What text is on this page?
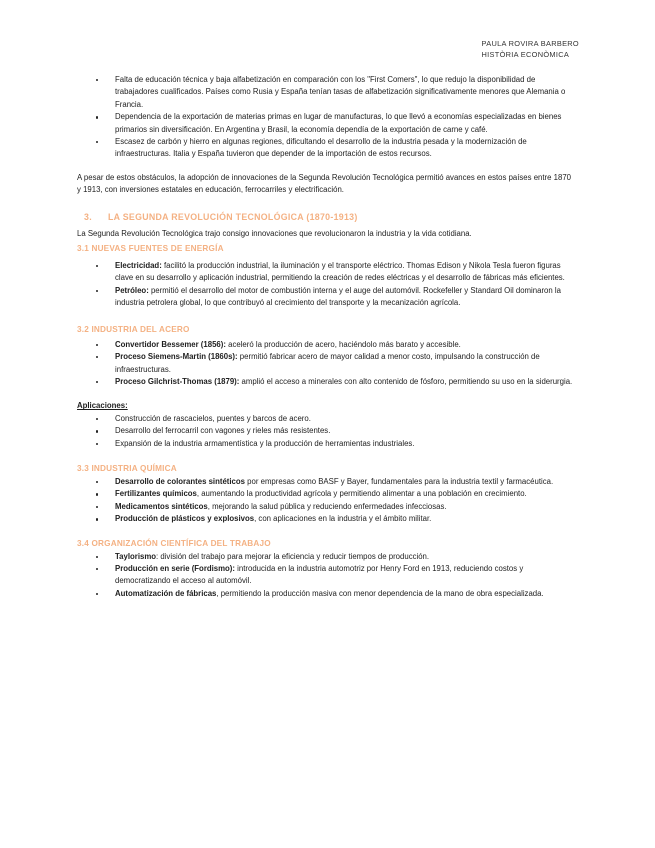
PAULA ROVIRA BARBERO
HISTÒRIA ECONÒMICA
Falta de educación técnica y baja alfabetización en comparación con los "First Comers", lo que redujo la disponibilidad de trabajadores cualificados. Países como Rusia y España tenían tasas de alfabetización significativamente menores que Alemania o Francia.
Dependencia de la exportación de materias primas en lugar de manufacturas, lo que llevó a economías especializadas en bienes primarios sin diversificación. En Argentina y Brasil, la economía dependía de la exportación de carne y café.
Escasez de carbón y hierro en algunas regiones, dificultando el desarrollo de la industria pesada y la modernización de infraestructuras. Italia y España tuvieron que depender de la importación de estos recursos.
A pesar de estos obstáculos, la adopción de innovaciones de la Segunda Revolución Tecnológica permitió avances en estos países entre 1870 y 1913, con inversiones estatales en educación, ferrocarriles y electrificación.
3. LA SEGUNDA REVOLUCIÓN TECNOLÓGICA (1870-1913)
La Segunda Revolución Tecnológica trajo consigo innovaciones que revolucionaron la industria y la vida cotidiana.
3.1 NUEVAS FUENTES DE ENERGÍA
Electricidad: facilitó la producción industrial, la iluminación y el transporte eléctrico. Thomas Edison y Nikola Tesla fueron figuras clave en su desarrollo y aplicación industrial, permitiendo la creación de redes eléctricas y el desarrollo de fábricas más eficientes.
Petróleo: permitió el desarrollo del motor de combustión interna y el auge del automóvil. Rockefeller y Standard Oil dominaron la industria petrolera global, lo que contribuyó al crecimiento del transporte y la mecanización agrícola.
3.2 INDUSTRIA DEL ACERO
Convertidor Bessemer (1856): aceleró la producción de acero, haciéndolo más barato y accesible.
Proceso Siemens-Martin (1860s): permitió fabricar acero de mayor calidad a menor costo, impulsando la construcción de infraestructuras.
Proceso Gilchrist-Thomas (1879): amplió el acceso a minerales con alto contenido de fósforo, permitiendo su uso en la siderurgia.
Aplicaciones:
Construcción de rascacielos, puentes y barcos de acero.
Desarrollo del ferrocarril con vagones y rieles más resistentes.
Expansión de la industria armamentística y la producción de herramientas industriales.
3.3 INDUSTRIA QUÍMICA
Desarrollo de colorantes sintéticos por empresas como BASF y Bayer, fundamentales para la industria textil y farmacéutica.
Fertilizantes químicos, aumentando la productividad agrícola y permitiendo alimentar a una población en crecimiento.
Medicamentos sintéticos, mejorando la salud pública y reduciendo enfermedades infecciosas.
Producción de plásticos y explosivos, con aplicaciones en la industria y el ámbito militar.
3.4 ORGANIZACIÓN CIENTÍFICA DEL TRABAJO
Taylorismo: división del trabajo para mejorar la eficiencia y reducir tiempos de producción.
Producción en serie (Fordismo): introducida en la industria automotriz por Henry Ford en 1913, reduciendo costos y democratizando el acceso al automóvil.
Automatización de fábricas, permitiendo la producción masiva con menor dependencia de la mano de obra especializada.
